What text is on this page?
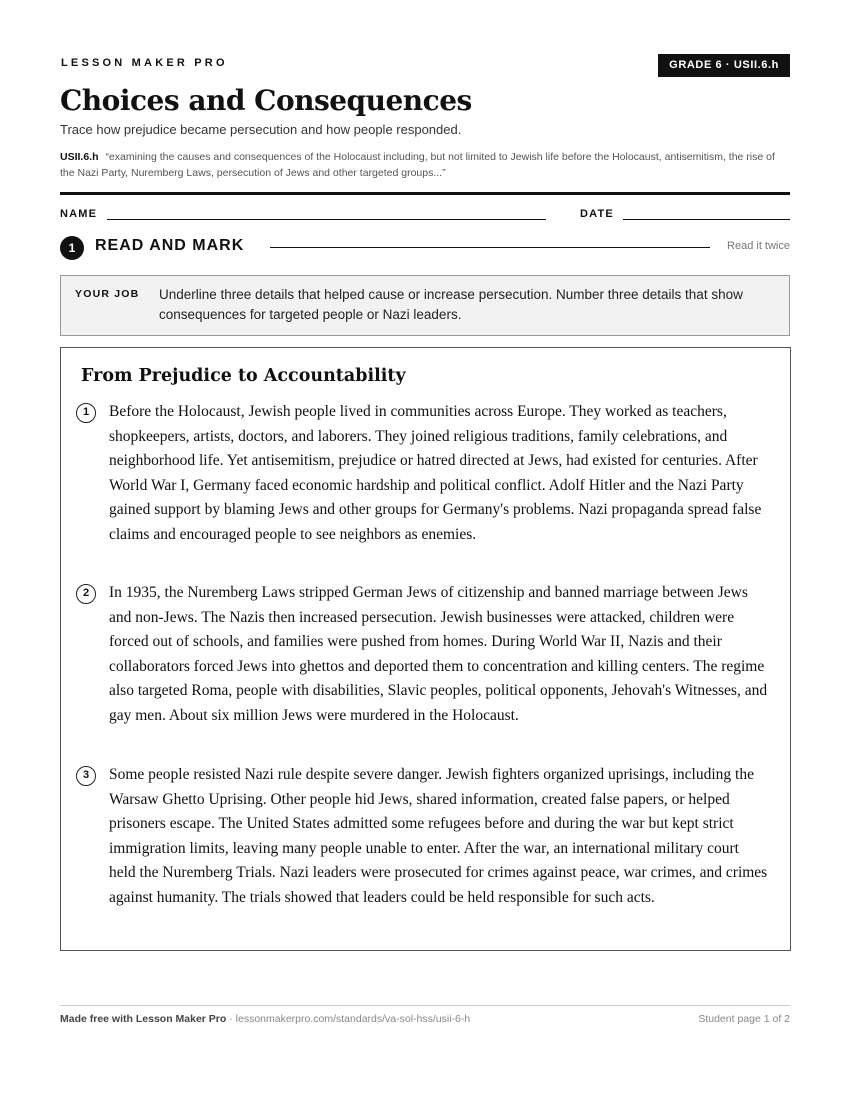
LESSON MAKER PRO	GRADE 6 · USII.6.h
Choices and Consequences
Trace how prejudice became persecution and how people responded.
USII.6.h “examining the causes and consequences of the Holocaust including, but not limited to Jewish life before the Holocaust, antisemitism, the rise of the Nazi Party, Nuremberg Laws, persecution of Jews and other targeted groups...”
NAME	DATE
1	READ AND MARK	Read it twice
YOUR JOB Underline three details that helped cause or increase persecution. Number three details that show consequences for targeted people or Nazi leaders.
From Prejudice to Accountability
1	Before the Holocaust, Jewish people lived in communities across Europe. They worked as teachers, shopkeepers, artists, doctors, and laborers. They joined religious traditions, family celebrations, and neighborhood life. Yet antisemitism, prejudice or hatred directed at Jews, had existed for centuries. After World War I, Germany faced economic hardship and political conflict. Adolf Hitler and the Nazi Party gained support by blaming Jews and other groups for Germany's problems. Nazi propaganda spread false claims and encouraged people to see neighbors as enemies.

2	In 1935, the Nuremberg Laws stripped German Jews of citizenship and banned marriage between Jews and non-Jews. The Nazis then increased persecution. Jewish businesses were attacked, children were forced out of schools, and families were pushed from homes. During World War II, Nazis and their collaborators forced Jews into ghettos and deported them to concentration and killing centers. The regime also targeted Roma, people with disabilities, Slavic peoples, political opponents, Jehovah's Witnesses, and gay men. About six million Jews were murdered in the Holocaust.

3	Some people resisted Nazi rule despite severe danger. Jewish fighters organized uprisings, including the Warsaw Ghetto Uprising. Other people hid Jews, shared information, created false papers, or helped prisoners escape. The United States admitted some refugees before and during the war but kept strict immigration limits, leaving many people unable to enter. After the war, an international military court held the Nuremberg Trials. Nazi leaders were prosecuted for crimes against peace, war crimes, and crimes against humanity. The trials showed that leaders could be held responsible for such acts.

Made free with Lesson Maker Pro · lessonmakerpro.com/standards/va-sol-hss/usii-6-h	Student page 1 of 2
